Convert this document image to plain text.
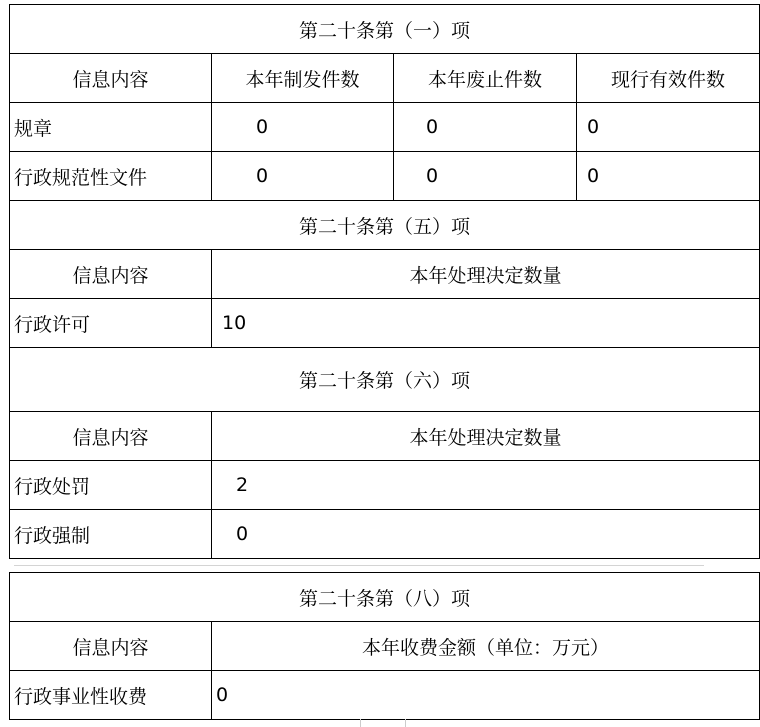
第二十条第（一）项			
信息内容	本年制发件数	本年废止件数	现行有效件数
规章	0	0	0
行政规范性文件	0	0	0
第二十条第（五）项			
信息内容	本年处理决定数量		
行政许可	10		
第二十条第（六）项			
信息内容	本年处理决定数量		
行政处罚	2		
行政强制	0		
第二十条第（八）项	
信息内容	本年收费金额（单位：万元）
行政事业性收费	0
